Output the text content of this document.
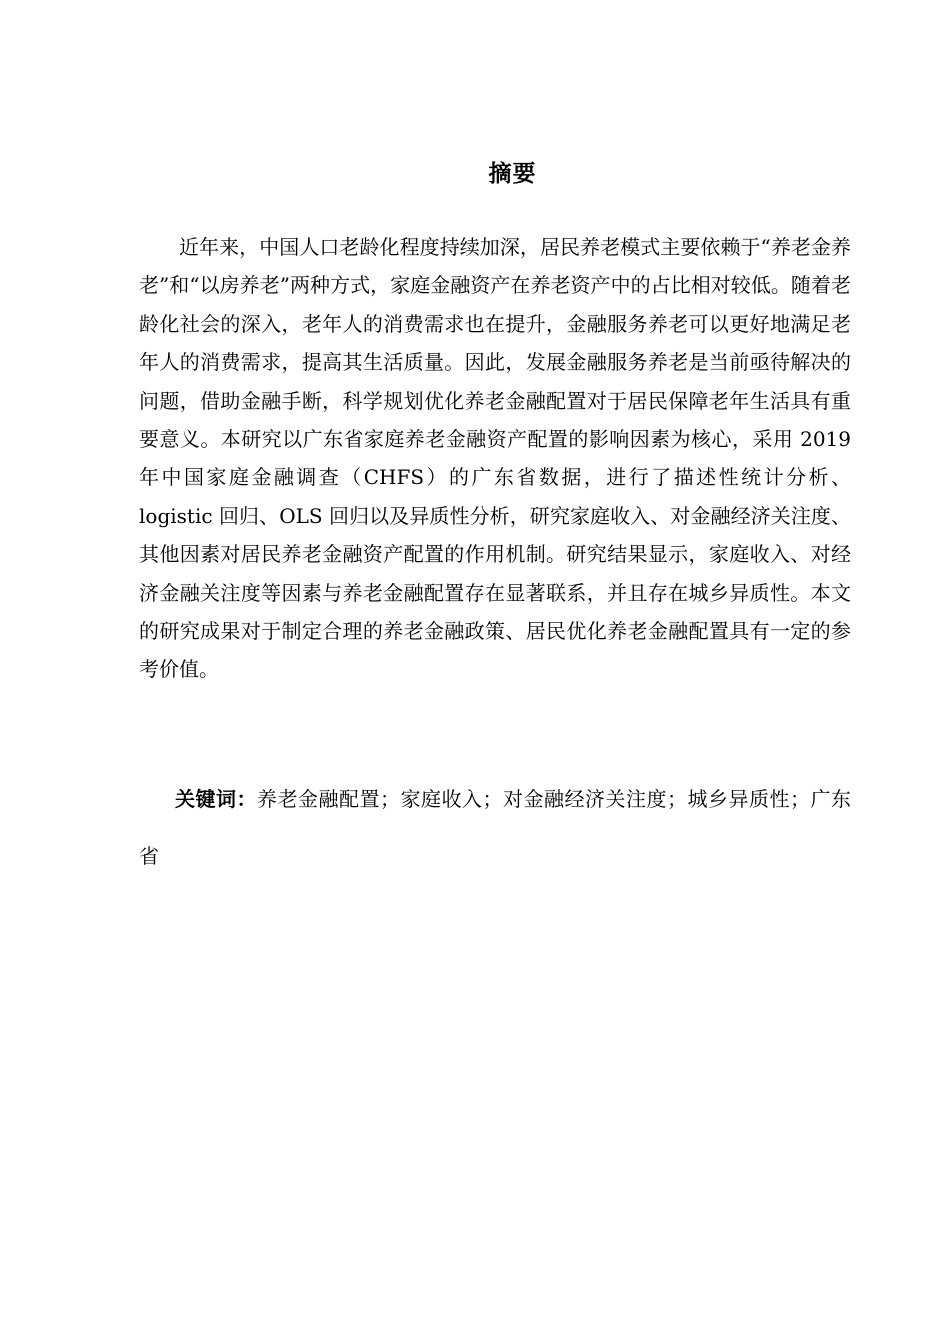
摘要

近年来，中国人口老龄化程度持续加深，居民养老模式主要依赖于“养老金养老”和“以房养老”两种方式，家庭金融资产在养老资产中的占比相对较低。随着老龄化社会的深入，老年人的消费需求也在提升，金融服务养老可以更好地满足老年人的消费需求，提高其生活质量。因此，发展金融服务养老是当前亟待解决的问题，借助金融手断，科学规划优化养老金融配置对于居民保障老年生活具有重要意义。本研究以广东省家庭养老金融资产配置的影响因素为核心，采用 2019 年中国家庭金融调查（CHFS）的广东省数据，进行了描述性统计分析、logistic 回归、OLS 回归以及异质性分析，研究家庭收入、对金融经济关注度、其他因素对居民养老金融资产配置的作用机制。研究结果显示，家庭收入、对经济金融关注度等因素与养老金融配置存在显著联系，并且存在城乡异质性。本文的研究成果对于制定合理的养老金融政策、居民优化养老金融配置具有一定的参考价值。

关键词：养老金融配置；家庭收入；对金融经济关注度；城乡异质性；广东省
